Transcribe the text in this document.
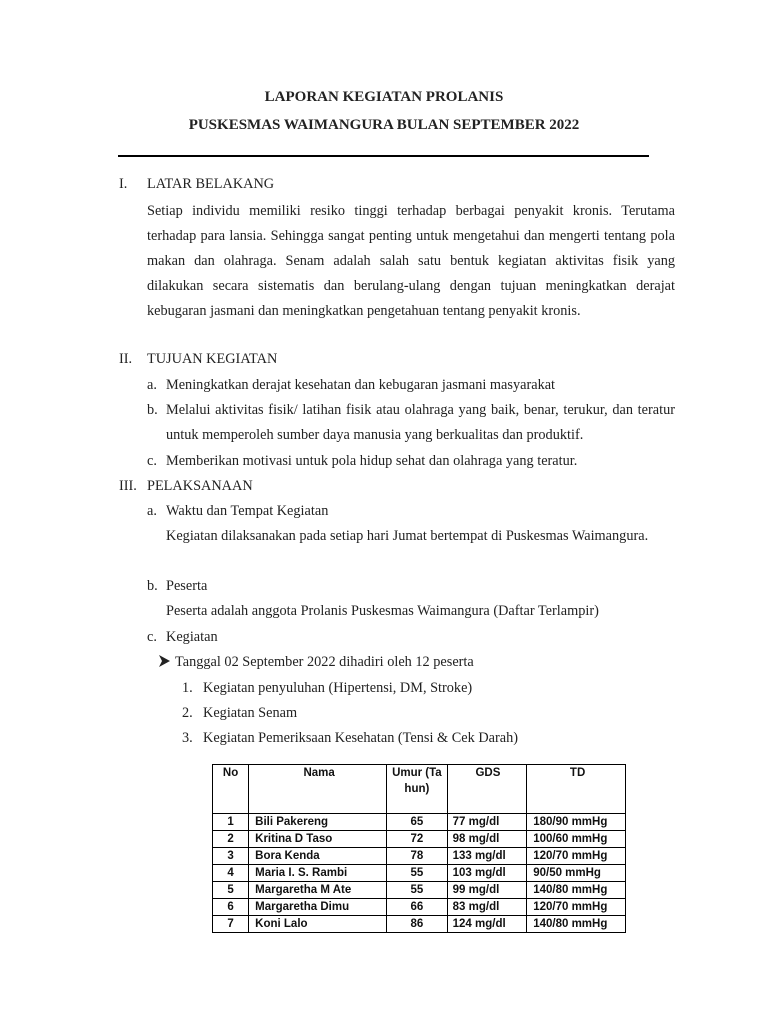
LAPORAN KEGIATAN PROLANIS
PUSKESMAS WAIMANGURA BULAN SEPTEMBER 2022
I. LATAR BELAKANG
Setiap individu memiliki resiko tinggi terhadap berbagai penyakit kronis. Terutama terhadap para lansia. Sehingga sangat penting untuk mengetahui dan mengerti tentang pola makan dan olahraga. Senam adalah salah satu bentuk kegiatan aktivitas fisik yang dilakukan secara sistematis dan berulang-ulang dengan tujuan meningkatkan derajat kebugaran jasmani dan meningkatkan pengetahuan tentang penyakit kronis.
II. TUJUAN KEGIATAN
a. Meningkatkan derajat kesehatan dan kebugaran jasmani masyarakat
b. Melalui aktivitas fisik/ latihan fisik atau olahraga yang baik, benar, terukur, dan teratur untuk memperoleh sumber daya manusia yang berkualitas dan produktif.
c. Memberikan motivasi untuk pola hidup sehat dan olahraga yang teratur.
III. PELAKSANAAN
a. Waktu dan Tempat Kegiatan
Kegiatan dilaksanakan pada setiap hari Jumat bertempat di Puskesmas Waimangura.
b. Peserta
Peserta adalah anggota Prolanis Puskesmas Waimangura (Daftar Terlampir)
c. Kegiatan
Tanggal 02 September 2022 dihadiri oleh 12 peserta
1. Kegiatan penyuluhan (Hipertensi, DM, Stroke)
2. Kegiatan Senam
3. Kegiatan Pemeriksaan Kesehatan (Tensi & Cek Darah)
No	Nama	Umur (Tahun)	GDS	TD
1	Bili Pakereng	65	77 mg/dl	180/90 mmHg
2	Kritina D Taso	72	98 mg/dl	100/60 mmHg
3	Bora Kenda	78	133 mg/dl	120/70 mmHg
4	Maria I. S. Rambi	55	103 mg/dl	90/50 mmHg
5	Margaretha M Ate	55	99 mg/dl	140/80 mmHg
6	Margaretha Dimu	66	83 mg/dl	120/70 mmHg
7	Koni Lalo	86	124 mg/dl	140/80 mmHg
